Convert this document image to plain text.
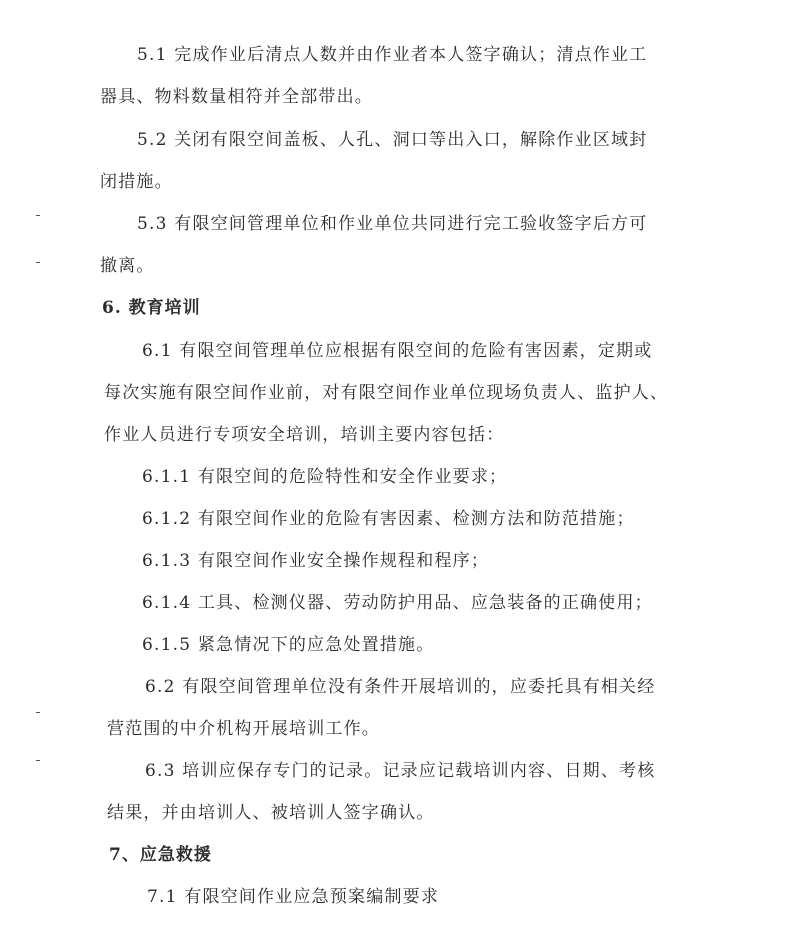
5.1 完成作业后清点人数并由作业者本人签字确认；清点作业工
器具、物料数量相符并全部带出。
5.2 关闭有限空间盖板、人孔、洞口等出入口，解除作业区域封
闭措施。
5.3 有限空间管理单位和作业单位共同进行完工验收签字后方可
撤离。
6. 教育培训
6.1 有限空间管理单位应根据有限空间的危险有害因素，定期或
每次实施有限空间作业前，对有限空间作业单位现场负责人、监护人、
作业人员进行专项安全培训，培训主要内容包括：
6.1.1 有限空间的危险特性和安全作业要求；
6.1.2 有限空间作业的危险有害因素、检测方法和防范措施；
6.1.3 有限空间作业安全操作规程和程序；
6.1.4 工具、检测仪器、劳动防护用品、应急装备的正确使用；
6.1.5 紧急情况下的应急处置措施。
6.2 有限空间管理单位没有条件开展培训的，应委托具有相关经
营范围的中介机构开展培训工作。
6.3 培训应保存专门的记录。记录应记载培训内容、日期、考核
结果，并由培训人、被培训人签字确认。
7、应急救援
7.1 有限空间作业应急预案编制要求
